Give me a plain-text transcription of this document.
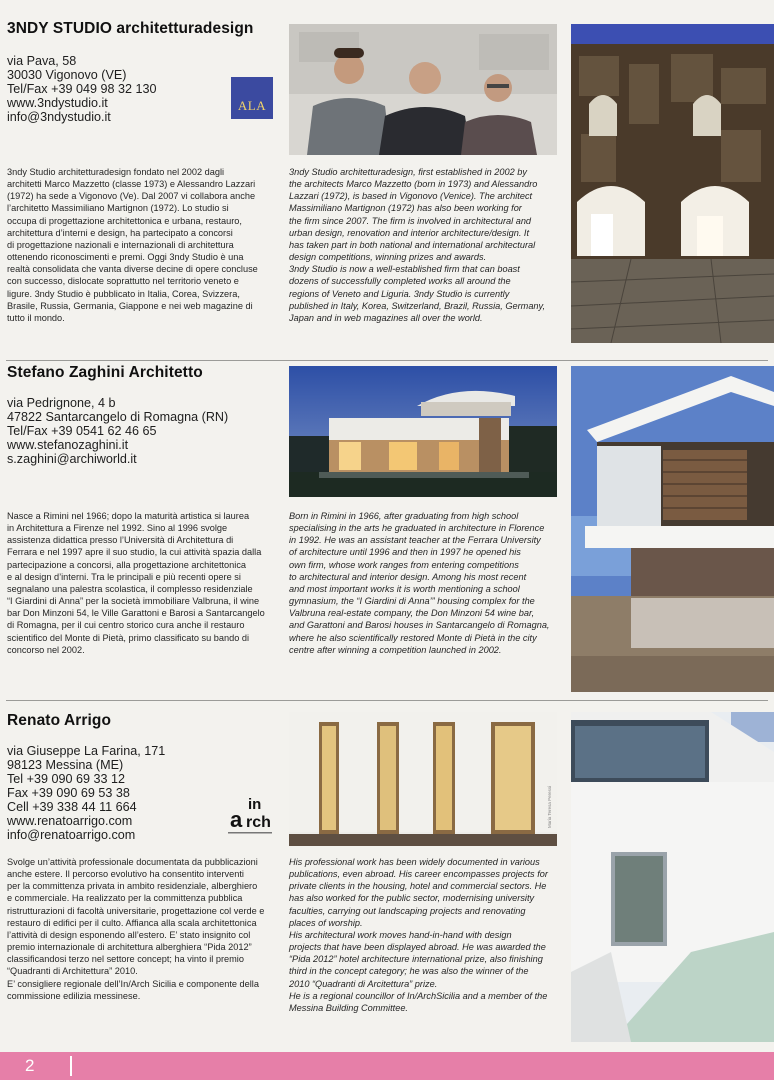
3NDY STUDIO architetturadesign
via Pava, 58
30030 Vigonovo (VE)
Tel/Fax +39 049 98 32 130
www.3ndystudio.it
info@3ndystudio.it
ALA
3ndy Studio architetturadesign fondato nel 2002 dagli
architetti Marco Mazzetto (classe 1973) e Alessandro Lazzari
(1972) ha sede a Vigonovo (Ve). Dal 2007 vi collabora anche
l’architetto Massimiliano Martignon (1972). Lo studio si
occupa di progettazione architettonica e urbana, restauro,
architettura d’interni e design, ha partecipato a concorsi
di progettazione nazionali e internazionali di architettura
ottenendo riconoscimenti e premi. Oggi 3ndy Studio è una
realtà consolidata che vanta diverse decine di opere concluse
con successo, dislocate soprattutto nel territorio veneto e
ligure. 3ndy Studio è pubblicato in Italia, Corea, Svizzera,
Brasile, Russia, Germania, Giappone e nei web magazine di
tutto il mondo.
3ndy Studio architetturadesign, first established in 2002 by
the architects Marco Mazzetto (born in 1973) and Alessandro
Lazzari (1972), is based in Vigonovo (Venice). The architect
Massimiliano Martignon (1972) has also been working for
the firm since 2007. The firm is involved in architectural and
urban design, renovation and interior architecture/design. It
has taken part in both national and international architectural
design competitions, winning prizes and awards.
3ndy Studio is now a well-established firm that can boast
dozens of successfully completed works all around the
regions of Veneto and Liguria. 3ndy Studio is currently
published in Italy, Korea, Switzerland, Brazil, Russia, Germany,
Japan and in web magazines all over the world.
Stefano Zaghini Architetto
via Pedrignone, 4 b
47822 Santarcangelo di Romagna (RN)
Tel/Fax +39 0541 62 46 65
www.stefanozaghini.it
s.zaghini@archiworld.it
Nasce a Rimini nel 1966; dopo la maturità artistica si laurea
in Architettura a Firenze nel 1992. Sino al 1996 svolge
assistenza didattica presso l’Università di Architettura di
Ferrara e nel 1997 apre il suo studio, la cui attività spazia dalla
partecipazione a concorsi, alla progettazione architettonica
e al design d’interni. Tra le principali e più recenti opere si
segnalano una palestra scolastica, il complesso residenziale
“I Giardini di Anna” per la società immobiliare Valbruna, il wine
bar Don Minzoni 54, le Ville Garattoni e Barosi a Santarcangelo
di Romagna, per il cui centro storico cura anche il restauro
scientifico del Monte di Pietà, primo classificato su bando di
concorso nel 2002.
Born in Rimini in 1966, after graduating from high school
specialising in the arts he graduated in architecture in Florence
in 1992. He was an assistant teacher at the Ferrara University
of architecture until 1996 and then in 1997 he opened his
own firm, whose work ranges from entering competitions
to architectural and interior design. Among his most recent
and most important works it is worth mentioning a school
gymnasium, the “I Giardini di Anna’” housing complex for the
Valbruna real-estate company, the Don Minzoni 54 wine bar,
and Garattoni and Barosi houses in Santarcangelo di Romagna,
where he also scientifically restored Monte di Pietà in the city
centre after winning a competition launched in 2002.
Renato Arrigo
via Giuseppe La Farina, 171
98123 Messina (ME)
Tel +39 090 69 33 12
Fax +39 090 69 53 38
Cell +39 338 44 11 664
www.renatoarrigo.com
info@renatoarrigo.com
in
a rch	Maria Teresa Peressi
Svolge un’attività professionale documentata da pubblicazioni
anche estere. Il percorso evolutivo ha consentito interventi
per la committenza privata in ambito residenziale, alberghiero
e commerciale. Ha realizzato per la committenza pubblica
ristrutturazioni di facoltà universitarie, progettazione col verde e
restauro di edifici per il culto. Affianca alla scala architettonica
l’attività di design esponendo all’estero. E’ stato insignito col
premio internazionale di architettura alberghiera “Pida 2012”
classificandosi terzo nel settore concept; ha vinto il premio
“Quadranti di Architettura” 2010.
E’ consigliere regionale dell’In/Arch Sicilia e componente della
commissione edilizia messinese.
His professional work has been widely documented in various
publications, even abroad. His career encompasses projects for
private clients in the housing, hotel and commercial sectors. He
has also worked for the public sector, modernising university
faculties, carrying out landscaping projects and renovating
places of worship.
His architectural work moves hand-in-hand with design
projects that have been displayed abroad. He was awarded the
“Pida 2012” hotel architecture international prize, also finishing
third in the concept category; he was also the winner of the
2010 “Quadranti di Arcitettura” prize.
He is a regional councillor of In/ArchSicilia and a member of the
Messina Building Committee.
2
